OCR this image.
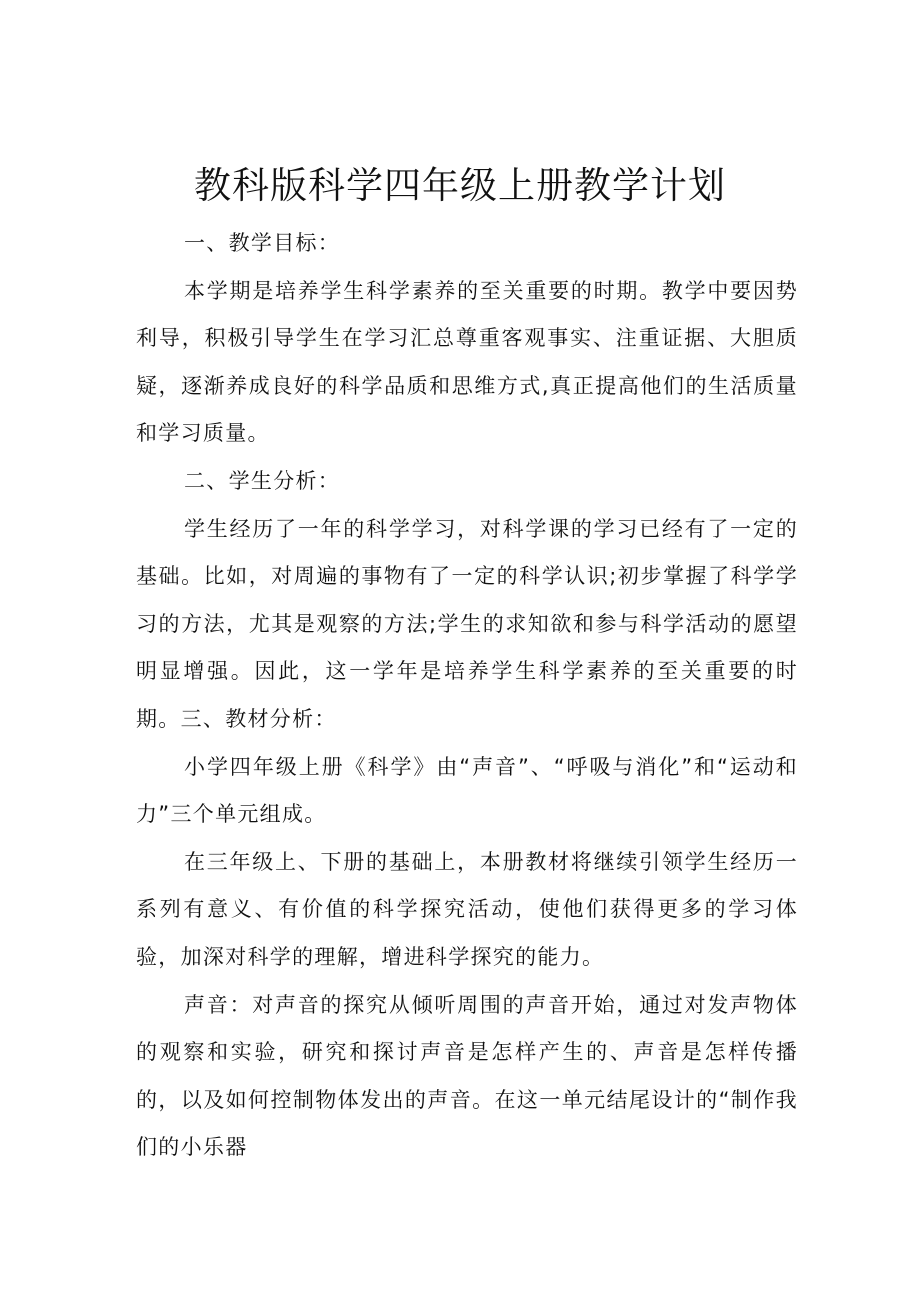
教科版科学四年级上册教学计划

一、教学目标：

本学期是培养学生科学素养的至关重要的时期。教学中要因势利导，积极引导学生在学习汇总尊重客观事实、注重证据、大胆质疑，逐渐养成良好的科学品质和思维方式,真正提高他们的生活质量和学习质量。

二、学生分析：

学生经历了一年的科学学习，对科学课的学习已经有了一定的基础。比如，对周遍的事物有了一定的科学认识;初步掌握了科学学习的方法，尤其是观察的方法;学生的求知欲和参与科学活动的愿望明显增强。因此，这一学年是培养学生科学素养的至关重要的时期。三、教材分析：

小学四年级上册《科学》由“声音”、“呼吸与消化”和“运动和力”三个单元组成。

在三年级上、下册的基础上，本册教材将继续引领学生经历一系列有意义、有价值的科学探究活动，使他们获得更多的学习体验，加深对科学的理解，增进科学探究的能力。

声音：对声音的探究从倾听周围的声音开始，通过对发声物体的观察和实验，研究和探讨声音是怎样产生的、声音是怎样传播的，以及如何控制物体发出的声音。在这一单元结尾设计的“制作我们的小乐器
